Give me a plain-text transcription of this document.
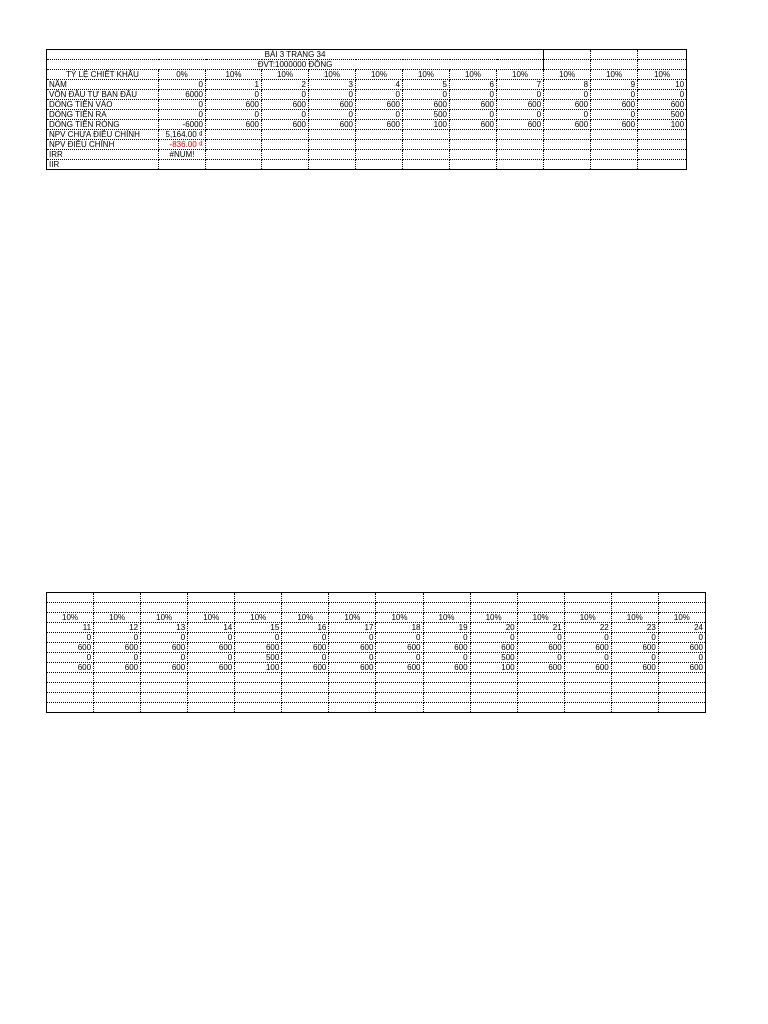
BÀI 3 TRANG 34											
ĐVT:1000000 ĐỒNG											
TỶ LỆ CHIẾT KHẤU	0%	10%	10%	10%	10%	10%	10%	10%	10%	10%	10%
NĂM	0	1	2	3	4	5	6	7	8	9	10
VỐN ĐẦU TƯ BAN ĐẦU	6000	0	0	0	0	0	0	0	0	0	0
DÒNG TIỀN VÀO	0	600	600	600	600	600	600	600	600	600	600
DÒNG TIỀN RA	0	0	0	0	0	500	0	0	0	0	500
DÒNG TIỀN RÒNG	-6000	600	600	600	600	100	600	600	600	600	100
NPV CHƯA ĐIỀU CHỈNH	5,164.00 ₫										
NPV ĐIỀU CHỈNH	-836.00 ₫										
IRR	#NUM!										
IIR											

10%	10%	10%	10%	10%	10%	10%	10%	10%	10%	10%	10%	10%	10%
11	12	13	14	15	16	17	18	19	20	21	22	23	24
0	0	0	0	0	0	0	0	0	0	0	0	0	0
600	600	600	600	600	600	600	600	600	600	600	600	600	600
0	0	0	0	500	0	0	0	0	500	0	0	0	0
600	600	600	600	100	600	600	600	600	100	600	600	600	600
